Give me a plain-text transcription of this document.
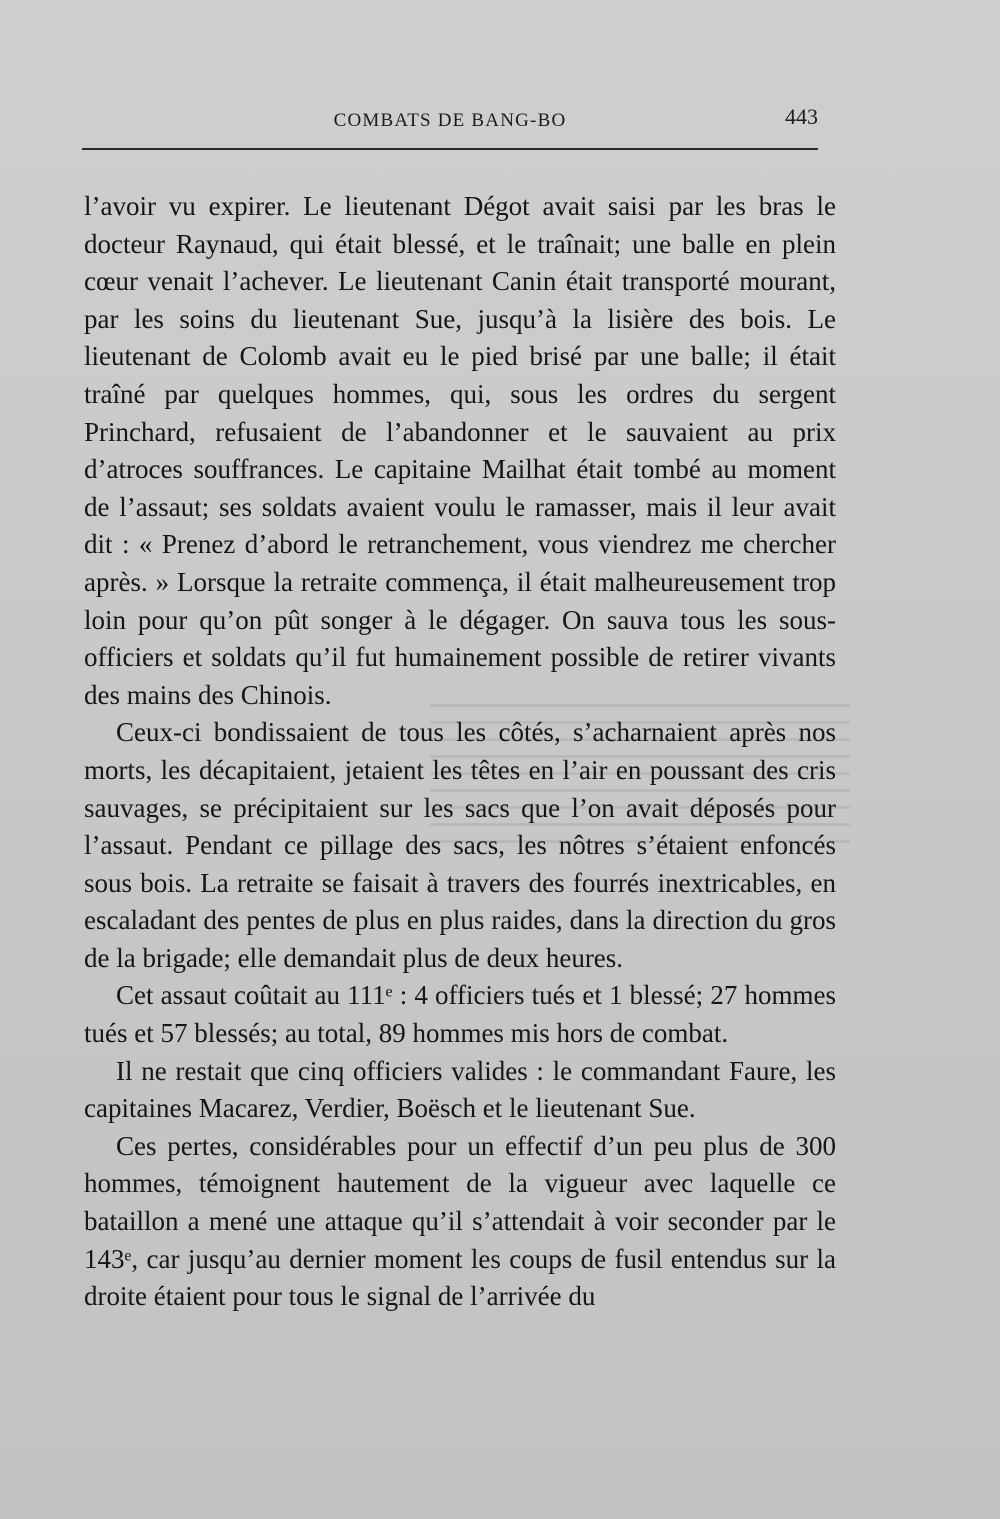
COMBATS DE BANG-BO	443

l’avoir vu expirer. Le lieutenant Dégot avait saisi par les bras le docteur Raynaud, qui était blessé, et le traînait; une balle en plein cœur venait l’achever. Le lieutenant Canin était transporté mourant, par les soins du lieutenant Sue, jusqu’à la lisière des bois. Le lieutenant de Colomb avait eu le pied brisé par une balle; il était traîné par quelques hommes, qui, sous les ordres du sergent Princhard, refusaient de l’abandonner et le sauvaient au prix d’atroces souffrances. Le capitaine Mailhat était tombé au moment de l’assaut; ses soldats avaient voulu le ramasser, mais il leur avait dit : « Prenez d’abord le retranchement, vous viendrez me chercher après. » Lorsque la retraite commença, il était malheureusement trop loin pour qu’on pût songer à le dégager. On sauva tous les sous-officiers et soldats qu’il fut humainement possible de retirer vivants des mains des Chinois.

Ceux-ci bondissaient de tous les côtés, s’acharnaient après nos morts, les décapitaient, jetaient les têtes en l’air en poussant des cris sauvages, se précipitaient sur les sacs que l’on avait déposés pour l’assaut. Pendant ce pillage des sacs, les nôtres s’étaient enfoncés sous bois. La retraite se faisait à travers des fourrés inextricables, en escaladant des pentes de plus en plus raides, dans la direction du gros de la brigade; elle demandait plus de deux heures.

Cet assaut coûtait au 111ᵉ : 4 officiers tués et 1 blessé; 27 hommes tués et 57 blessés; au total, 89 hommes mis hors de combat.

Il ne restait que cinq officiers valides : le commandant Faure, les capitaines Macarez, Verdier, Boësch et le lieutenant Sue.

Ces pertes, considérables pour un effectif d’un peu plus de 300 hommes, témoignent hautement de la vigueur avec laquelle ce bataillon a mené une attaque qu’il s’attendait à voir seconder par le 143ᵉ, car jusqu’au dernier moment les coups de fusil entendus sur la droite étaient pour tous le signal de l’arrivée du
